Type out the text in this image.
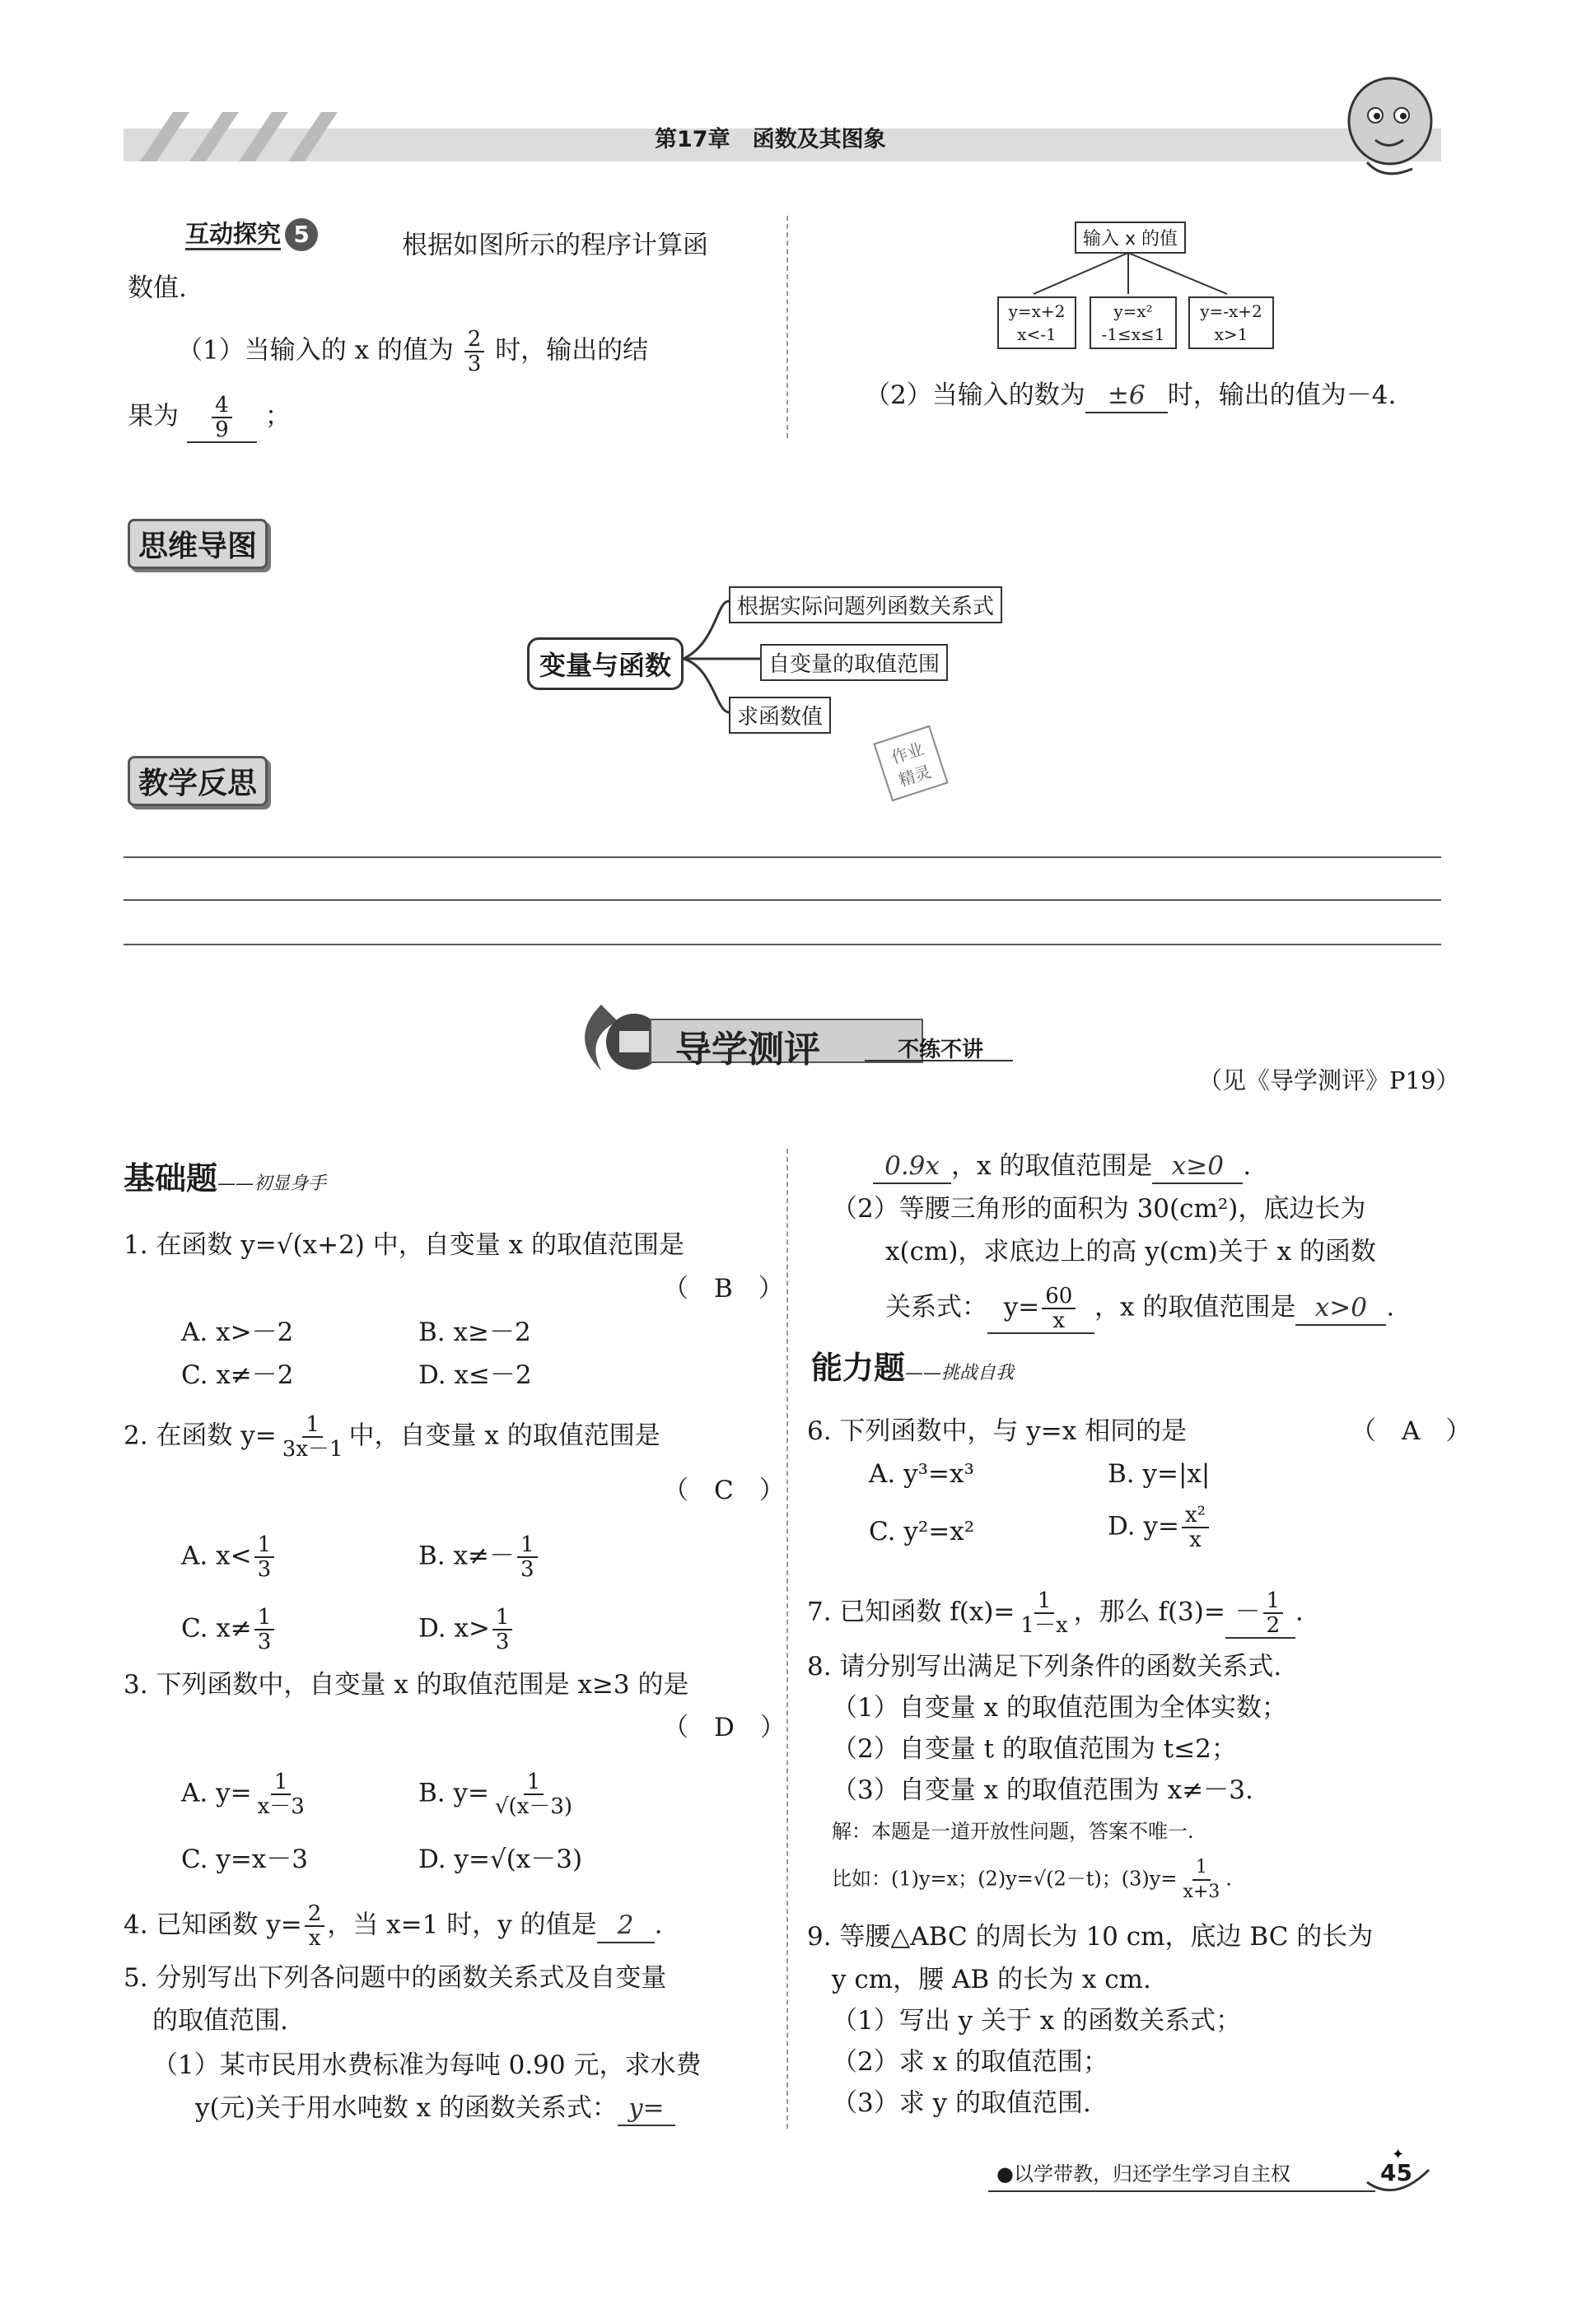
第17章　函数及其图象
互动探究 5	根据如图所示的程序计算函
数值.
（1）当输入的 x 的值为 $\frac{2}{3}$ 时，输出的结
果为 $\frac{4}{9}$ ；
输入 x 的值
y=x+2
x<-1
y=x²
-1≤x≤1
y=-x+2
x>1
（2）当输入的数为 ±6 时，输出的值为－4.
思维导图
变量与函数
根据实际问题列函数关系式
自变量的取值范围
求函数值
教学反思
作业
精灵
导学测评	不练不讲
（见《导学测评》P19）
基础题——初显身手
1. 在函数 y=√(x+2) 中，自变量 x 的取值范围是
（　B　）
A. x>－2	B. x≥－2
C. x≠－2	D. x≤－2
2. 在函数 $y= \frac{1}{3x-1}$ 中，自变量 x 的取值范围是
（　C　）
A. $x< \frac{1}{3}$	B. $x\ne- \frac{1}{3}$
C. $x\ne \frac{1}{3}$	D. $x> \frac{1}{3}$
3. 下列函数中，自变量 x 的取值范围是 x≥3 的是
（　D　）
A. $y= \frac{1}{x-3}$	B. $y= \frac{1}{√(x-3)}$
C. y=x－3	D. y=√(x－3)
4. 已知函数 $y= \frac{2}{x}$ ，当 x=1 时，y 的值是 2 .
5. 分别写出下列各问题中的函数关系式及自变量
的取值范围.
（1）某市民用水费标准为每吨 0.90 元，求水费
y(元)关于用水吨数 x 的函数关系式： y=
0.9x ，x 的取值范围是 x≥0 .
（2）等腰三角形的面积为 30(cm²)，底边长为
x(cm)，求底边上的高 y(cm)关于 x 的函数
关系式： $y= \frac{60}{x}$ ，x 的取值范围是 x>0 .
能力题——挑战自我
6. 下列函数中，与 y=x 相同的是	（　A　）
A. y³=x³	B. y=|x|
C. y²=x²	D. $y= \frac{\text{x²}}{x}$
7. 已知函数 $f(x)= \frac{1}{1-x}$ ，那么 $f(3)= - \frac{1}{2}$ .
8. 请分别写出满足下列条件的函数关系式.
（1）自变量 x 的取值范围为全体实数；
（2）自变量 t 的取值范围为 t≤2；
（3）自变量 x 的取值范围为 x≠－3.
解：本题是一道开放性问题，答案不唯一.
比如：(1)y=x；(2)y=√(2－t)；$(3)y= \frac{1}{x+3}$ .
9. 等腰△ABC 的周长为 10 cm，底边 BC 的长为
y cm，腰 AB 的长为 x cm.
（1）写出 y 关于 x 的函数关系式；
（2）求 x 的取值范围；
（3）求 y 的取值范围.
●以学带教，归还学生学习自主权
✦
45
